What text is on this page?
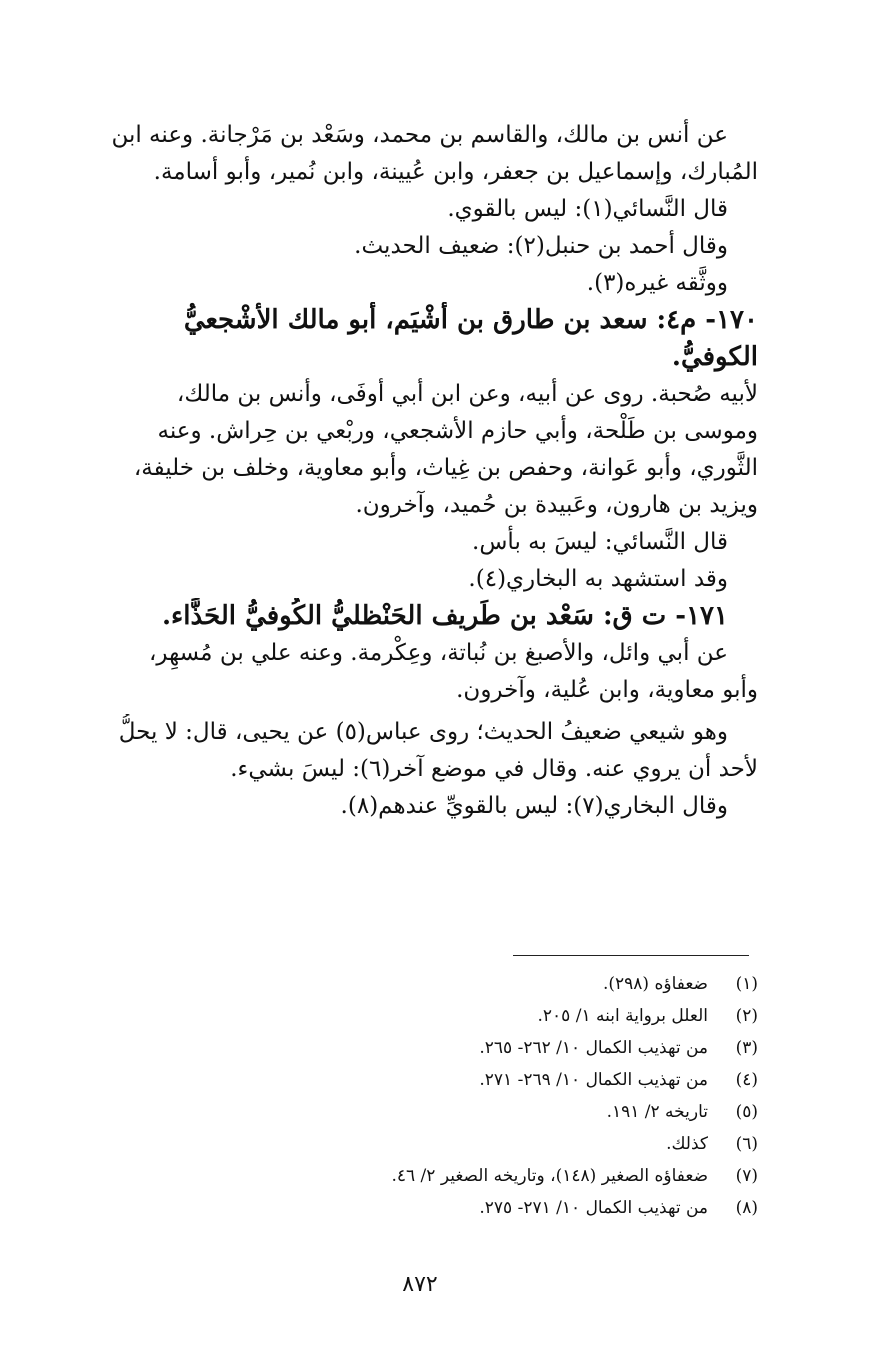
عن أنس بن مالك، والقاسم بن محمد، وسَعْد بن مَرْجانة. وعنه ابن
المُبارك، وإسماعيل بن جعفر، وابن عُيينة، وابن نُمير، وأبو أسامة.
قال النَّسائي(١): ليس بالقوي.
وقال أحمد بن حنبل(٢): ضعيف الحديث.
ووثَّقه غيره(٣).
١٧٠- م٤: سعد بن طارق بن أشْيَم، أبو مالك الأشْجعيُّ
الكوفيُّ.
لأبيه صُحبة. روى عن أبيه، وعن ابن أبي أوفَى، وأنس بن مالك،
وموسى بن طَلْحة، وأبي حازم الأشجعي، وربْعي بن حِراش. وعنه
الثَّوري، وأبو عَوانة، وحفص بن غِياث، وأبو معاوية، وخلف بن خليفة،
ويزيد بن هارون، وعَبيدة بن حُميد، وآخرون.
قال النَّسائي: ليسَ به بأس.
وقد استشهد به البخاري(٤).
١٧١- ت ق: سَعْد بن طَريف الحَنْظليُّ الكُوفيُّ الحَذَّاء.
عن أبي وائل، والأصبغ بن نُباتة، وعِكْرمة. وعنه علي بن مُسهِر،
وأبو معاوية، وابن عُلية، وآخرون.
وهو شيعي ضعيفُ الحديث؛ روى عباس(٥) عن يحيى، قال: لا يحلُّ
لأحد أن يروي عنه. وقال في موضع آخر(٦): ليسَ بشيء.
وقال البخاري(٧): ليس بالقويِّ عندهم(٨).
(١)ضعفاؤه (٢٩٨).
(٢)العلل برواية ابنه ١/ ٢٠٥.
(٣)من تهذيب الكمال ١٠/ ٢٦٢- ٢٦٥.
(٤)من تهذيب الكمال ١٠/ ٢٦٩- ٢٧١.
(٥)تاريخه ٢/ ١٩١.
(٦)كذلك.
(٧)ضعفاؤه الصغير (١٤٨)، وتاريخه الصغير ٢/ ٤٦.
(٨)من تهذيب الكمال ١٠/ ٢٧١- ٢٧٥.
٨٧٢
